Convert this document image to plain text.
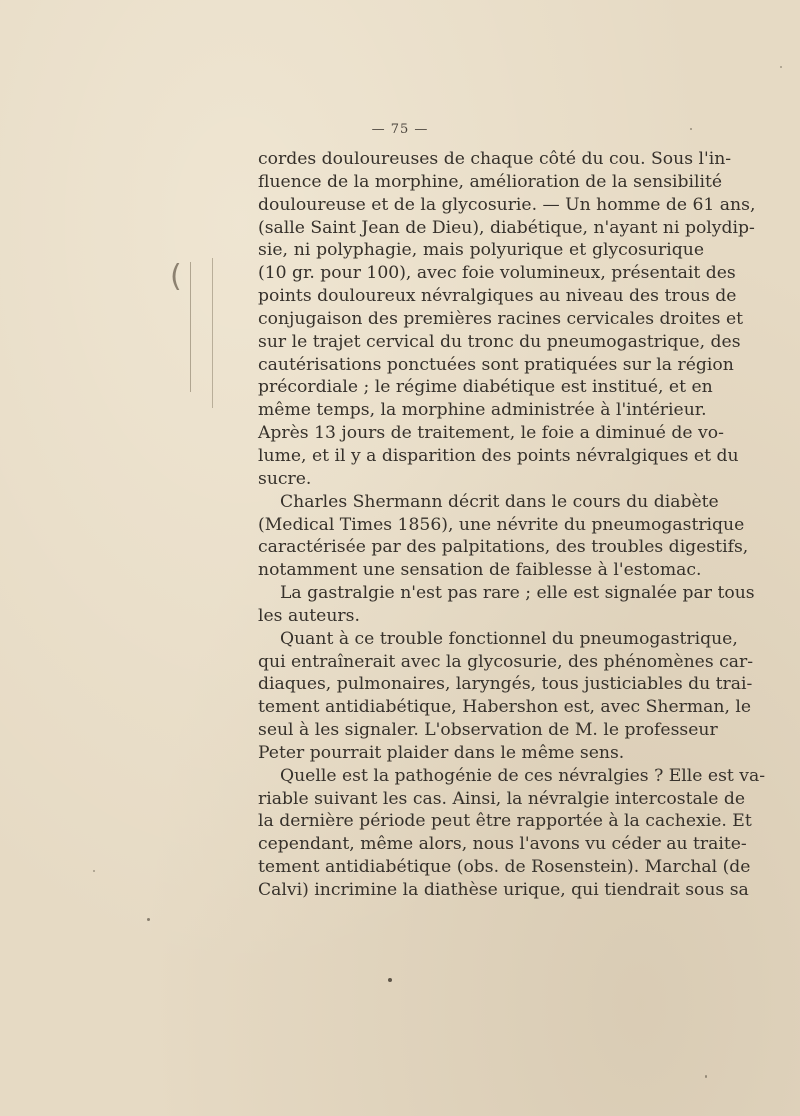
— 75 —
cordes douloureuses de chaque côté du cou. Sous l'in-
fluence de la morphine, amélioration de la sensibilité
douloureuse et de la glycosurie. — Un homme de 61 ans,
(salle Saint Jean de Dieu), diabétique, n'ayant ni polydip-
sie, ni polyphagie, mais polyurique et glycosurique
(10 gr. pour 100), avec foie volumineux, présentait des
points douloureux névralgiques au niveau des trous de
conjugaison des premières racines cervicales droites et
sur le trajet cervical du tronc du pneumogastrique, des
cautérisations ponctuées sont pratiquées sur la région
précordiale ; le régime diabétique est institué, et en
même temps, la morphine administrée à l'intérieur.
Après 13 jours de traitement, le foie a diminué de vo-
lume, et il y a disparition des points névralgiques et du
sucre.
Charles Shermann décrit dans le cours du diabète
(Medical Times 1856), une névrite du pneumogastrique
caractérisée par des palpitations, des troubles digestifs,
notamment une sensation de faiblesse à l'estomac.
La gastralgie n'est pas rare ; elle est signalée par tous
les auteurs.
Quant à ce trouble fonctionnel du pneumogastrique,
qui entraînerait avec la glycosurie, des phénomènes car-
diaques, pulmonaires, laryngés, tous justiciables du trai-
tement antidiabétique, Habershon est, avec Sherman, le
seul à les signaler. L'observation de M. le professeur
Peter pourrait plaider dans le même sens.
Quelle est la pathogénie de ces névralgies ? Elle est va-
riable suivant les cas. Ainsi, la névralgie intercostale de
la dernière période peut être rapportée à la cachexie. Et
cependant, même alors, nous l'avons vu céder au traite-
tement antidiabétique (obs. de Rosenstein). Marchal (de
Calvi) incrimine la diathèse urique, qui tiendrait sous sa
(
